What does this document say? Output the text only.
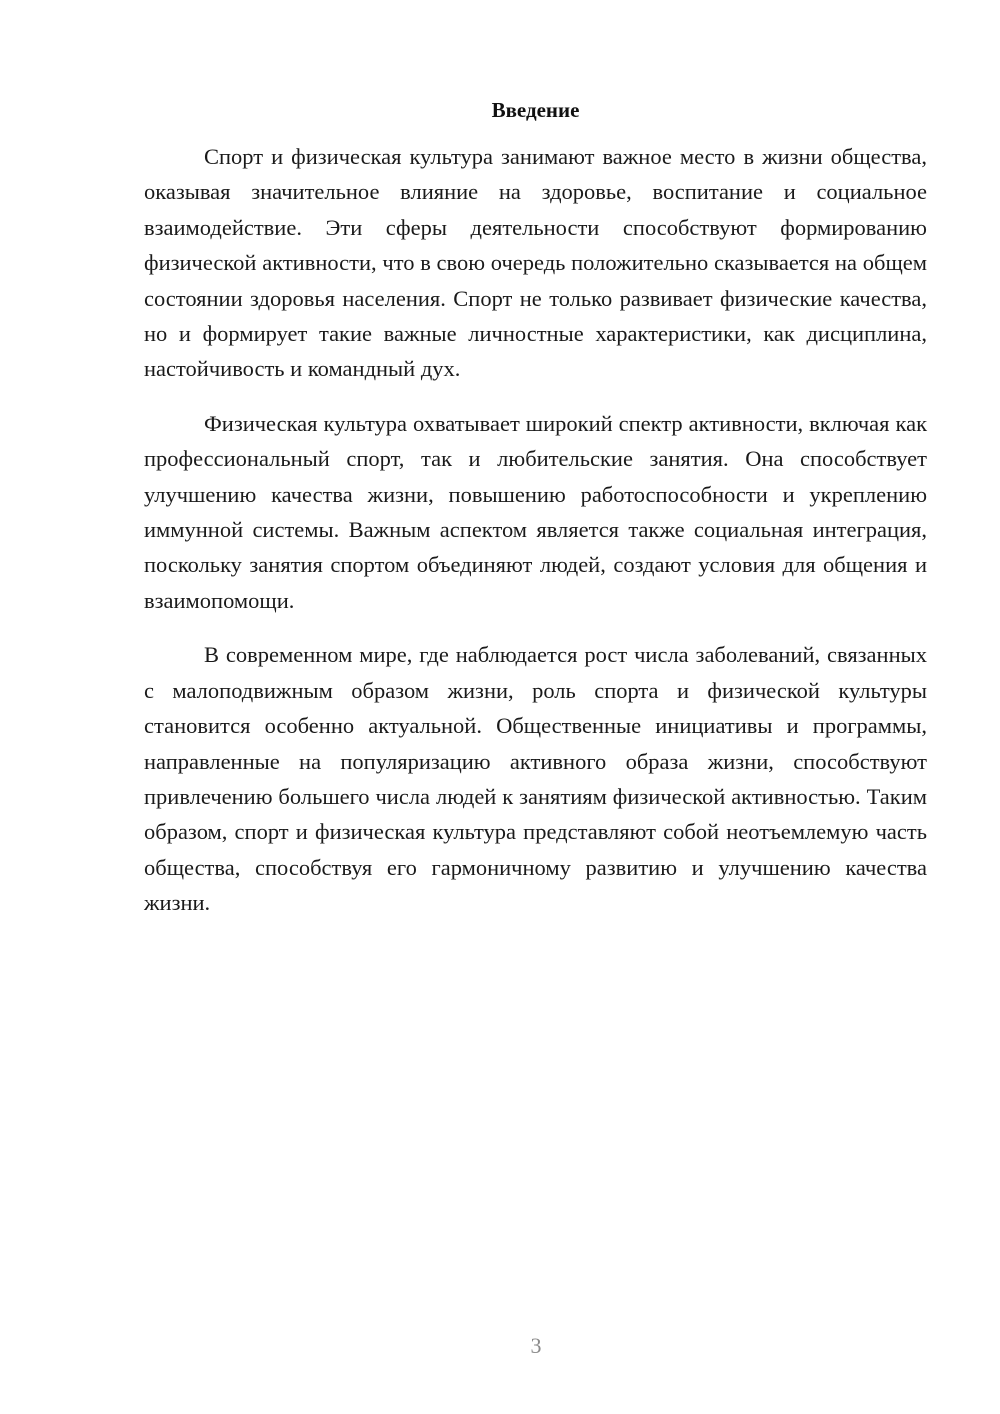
Введение

Спорт и физическая культура занимают важное место в жизни общества, оказывая значительное влияние на здоровье, воспитание и социальное взаимодействие. Эти сферы деятельности способствуют формированию физической активности, что в свою очередь положительно сказывается на общем состоянии здоровья населения. Спорт не только развивает физические качества, но и формирует такие важные личностные характеристики, как дисциплина, настойчивость и командный дух.

Физическая культура охватывает широкий спектр активности, включая как профессиональный спорт, так и любительские занятия. Она способствует улучшению качества жизни, повышению работоспособности и укреплению иммунной системы. Важным аспектом является также социальная интеграция, поскольку занятия спортом объединяют людей, создают условия для общения и взаимопомощи.

В современном мире, где наблюдается рост числа заболеваний, связанных с малоподвижным образом жизни, роль спорта и физической культуры становится особенно актуальной. Общественные инициативы и программы, направленные на популяризацию активного образа жизни, способствуют привлечению большего числа людей к занятиям физической активностью. Таким образом, спорт и физическая культура представляют собой неотъемлемую часть общества, способствуя его гармоничному развитию и улучшению качества жизни.

3
